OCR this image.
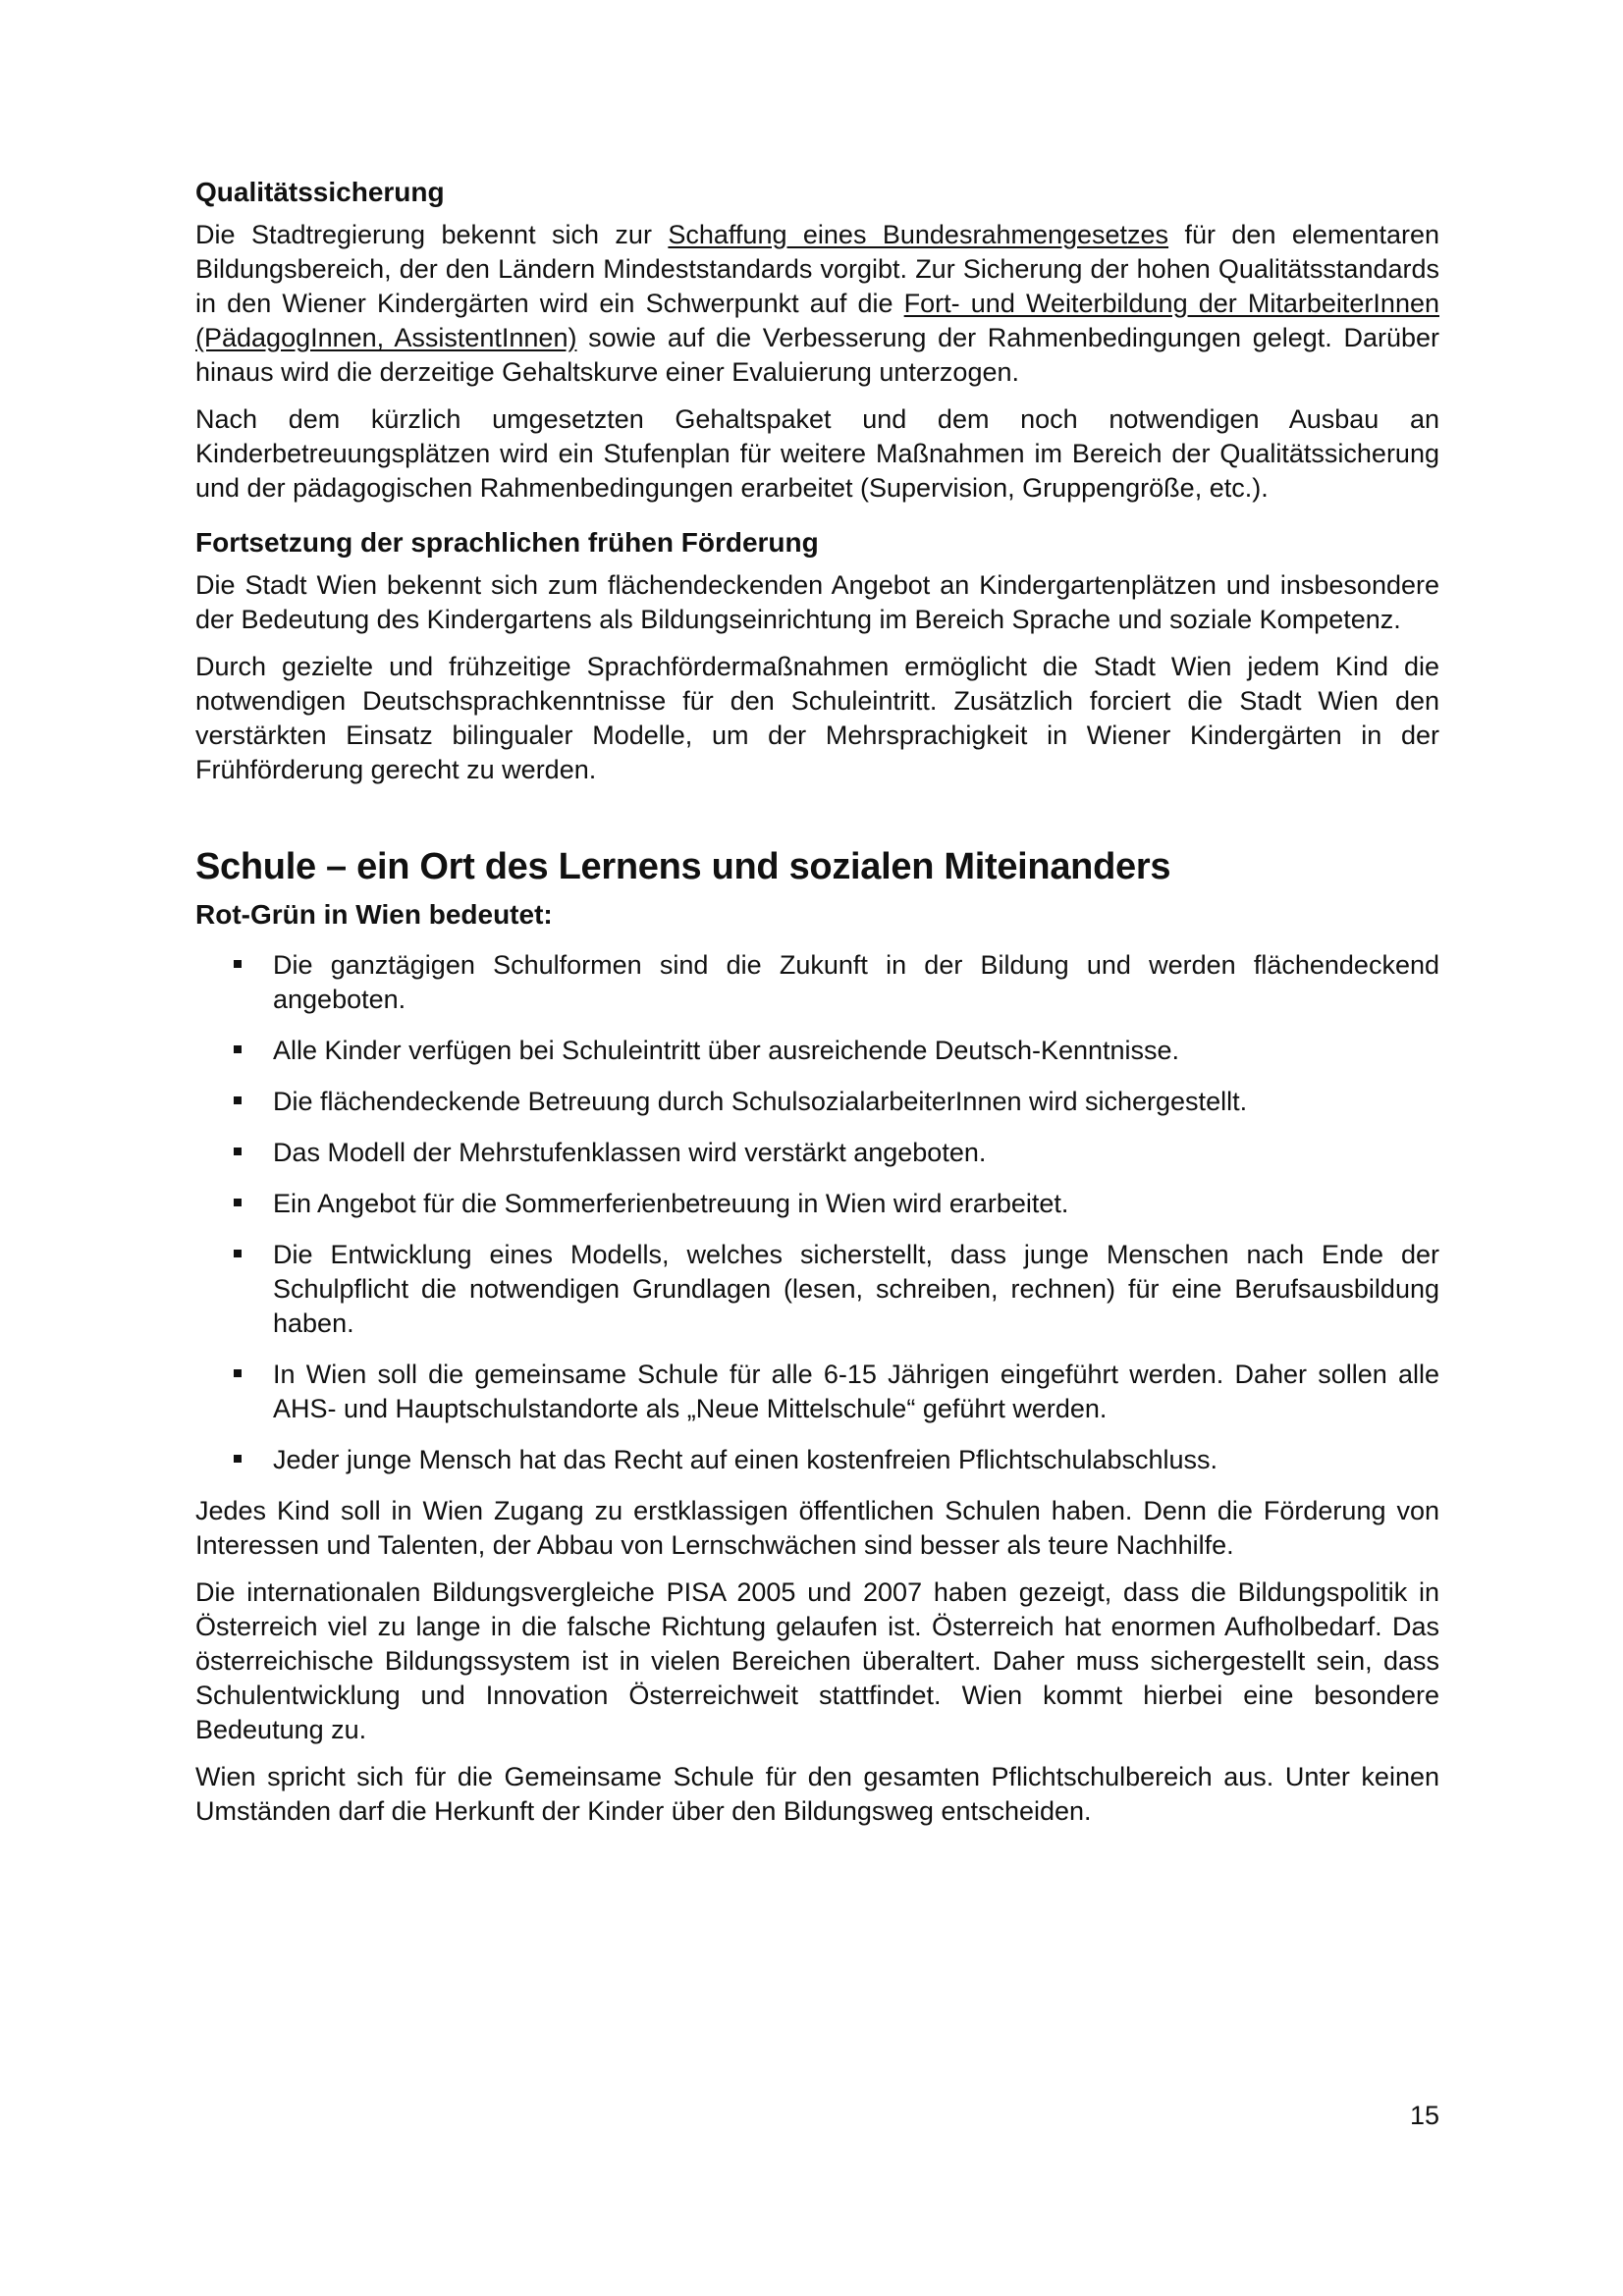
Qualitätssicherung

Die Stadtregierung bekennt sich zur Schaffung eines Bundesrahmengesetzes für den elementaren Bildungsbereich, der den Ländern Mindeststandards vorgibt. Zur Sicherung der hohen Qualitätsstandards in den Wiener Kindergärten wird ein Schwerpunkt auf die Fort- und Weiterbildung der MitarbeiterInnen (PädagogInnen, AssistentInnen) sowie auf die Verbesserung der Rahmenbedingungen gelegt. Darüber hinaus wird die derzeitige Gehaltskurve einer Evaluierung unterzogen.

Nach dem kürzlich umgesetzten Gehaltspaket und dem noch notwendigen Ausbau an Kinderbetreuungsplätzen wird ein Stufenplan für weitere Maßnahmen im Bereich der Qualitätssicherung und der pädagogischen Rahmenbedingungen erarbeitet (Supervision, Gruppengröße, etc.).

Fortsetzung der sprachlichen frühen Förderung

Die Stadt Wien bekennt sich zum flächendeckenden Angebot an Kindergartenplätzen und insbesondere der Bedeutung des Kindergartens als Bildungseinrichtung im Bereich Sprache und soziale Kompetenz.

Durch gezielte und frühzeitige Sprachfördermaßnahmen ermöglicht die Stadt Wien jedem Kind die notwendigen Deutschsprachkenntnisse für den Schuleintritt. Zusätzlich forciert die Stadt Wien den verstärkten Einsatz bilingualer Modelle, um der Mehrsprachigkeit in Wiener Kindergärten in der Frühförderung gerecht zu werden.

Schule – ein Ort des Lernens und sozialen Miteinanders
Rot-Grün in Wien bedeutet:
Die ganztägigen Schulformen sind die Zukunft in der Bildung und werden flächendeckend angeboten.
Alle Kinder verfügen bei Schuleintritt über ausreichende Deutsch-Kenntnisse.
Die flächendeckende Betreuung durch SchulsozialarbeiterInnen wird sichergestellt.
Das Modell der Mehrstufenklassen wird verstärkt angeboten.
Ein Angebot für die Sommerferienbetreuung in Wien wird erarbeitet.
Die Entwicklung eines Modells, welches sicherstellt, dass junge Menschen nach Ende der Schulpflicht die notwendigen Grundlagen (lesen, schreiben, rechnen) für eine Berufsausbildung haben.
In Wien soll die gemeinsame Schule für alle 6-15 Jährigen eingeführt werden. Daher sollen alle AHS- und Hauptschulstandorte als „Neue Mittelschule“ geführt werden.
Jeder junge Mensch hat das Recht auf einen kostenfreien Pflichtschulabschluss.

Jedes Kind soll in Wien Zugang zu erstklassigen öffentlichen Schulen haben. Denn die Förderung von Interessen und Talenten, der Abbau von Lernschwächen sind besser als teure Nachhilfe.

Die internationalen Bildungsvergleiche PISA 2005 und 2007 haben gezeigt, dass die Bildungspolitik in Österreich viel zu lange in die falsche Richtung gelaufen ist. Österreich hat enormen Aufholbedarf. Das österreichische Bildungssystem ist in vielen Bereichen überaltert. Daher muss sichergestellt sein, dass Schulentwicklung und Innovation Österreichweit stattfindet. Wien kommt hierbei eine besondere Bedeutung zu.

Wien spricht sich für die Gemeinsame Schule für den gesamten Pflichtschulbereich aus. Unter keinen Umständen darf die Herkunft der Kinder über den Bildungsweg entscheiden.

15
